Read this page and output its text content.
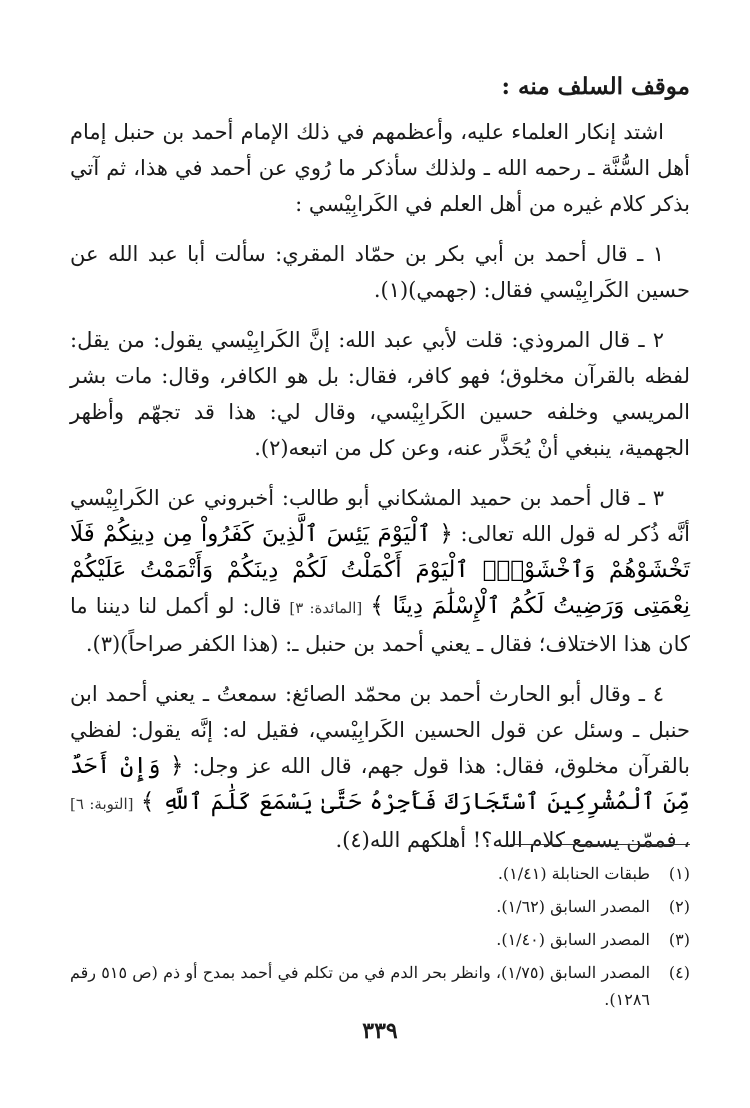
موقف السلف منه :

اشتد إنكار العلماء عليه، وأعظمهم في ذلك الإمام أحمد بن حنبل إمام أهل السُّنَّة ـ رحمه الله ـ ولذلك سأذكر ما رُوي عن أحمد في هذا، ثم آتي بذكر كلام غيره من أهل العلم في الكَرابِيْسي :

١ ـ قال أحمد بن أبي بكر بن حمّاد المقري: سألت أبا عبد الله عن حسين الكَرابِيْسي فقال: (جهمي)(١).

٢ ـ قال المروذي: قلت لأبي عبد الله: إنَّ الكَرابِيْسي يقول: من يقل: لفظه بالقرآن مخلوق؛ فهو كافر، فقال: بل هو الكافر، وقال: مات بشر المريسي وخلفه حسين الكَرابِيْسي، وقال لي: هذا قد تجهّم وأظهر الجهمية، ينبغي أنْ يُحَذَّر عنه، وعن كل من اتبعه(٢).

٣ ـ قال أحمد بن حميد المشكاني أبو طالب: أخبروني عن الكَرابِيْسي أنَّه ذُكر له قول الله تعالى: ﴿ ٱلْيَوْمَ يَئِسَ ٱلَّذِينَ كَفَرُواْ مِن دِينِكُمْ فَلَا تَخْشَوْهُمْ وَٱخْشَوْنِۚ ٱلْيَوْمَ أَكْمَلْتُ لَكُمْ دِينَكُمْ وَأَتْمَمْتُ عَلَيْكُمْ نِعْمَتِى وَرَضِيتُ لَكُمُ ٱلْإِسْلَٰمَ دِينًا ﴾ [المائدة: ٣] قال: لو أكمل لنا ديننا ما كان هذا الاختلاف؛ فقال ـ يعني أحمد بن حنبل ـ: (هذا الكفر صراحاً)(٣).

٤ ـ وقال أبو الحارث أحمد بن محمّد الصائغ: سمعتُ ـ يعني أحمد ابن حنبل ـ وسئل عن قول الحسين الكَرابِيْسي، فقيل له: إنَّه يقول: لفظي بالقرآن مخلوق، فقال: هذا قول جهم، قال الله عز وجل: ﴿ وَإِنْ أَحَدٌ مِّنَ ٱلْمُشْرِكِينَ ٱسْتَجَارَكَ فَأَجِرْهُ حَتَّىٰ يَسْمَعَ كَلَٰمَ ٱللَّهِ ﴾ [التوبة: ٦] ، فممّن يسمع كلام الله؟! أهلكهم الله(٤).

(١)
طبقات الحنابلة (١/٤١).
(٢)
المصدر السابق (١/٦٢).
(٣)
المصدر السابق (١/٤٠).
(٤)
المصدر السابق (١/٧٥)، وانظر بحر الدم في من تكلم في أحمد بمدح أو ذم (ص ٥١٥ رقم ١٢٨٦).
٣٣٩
